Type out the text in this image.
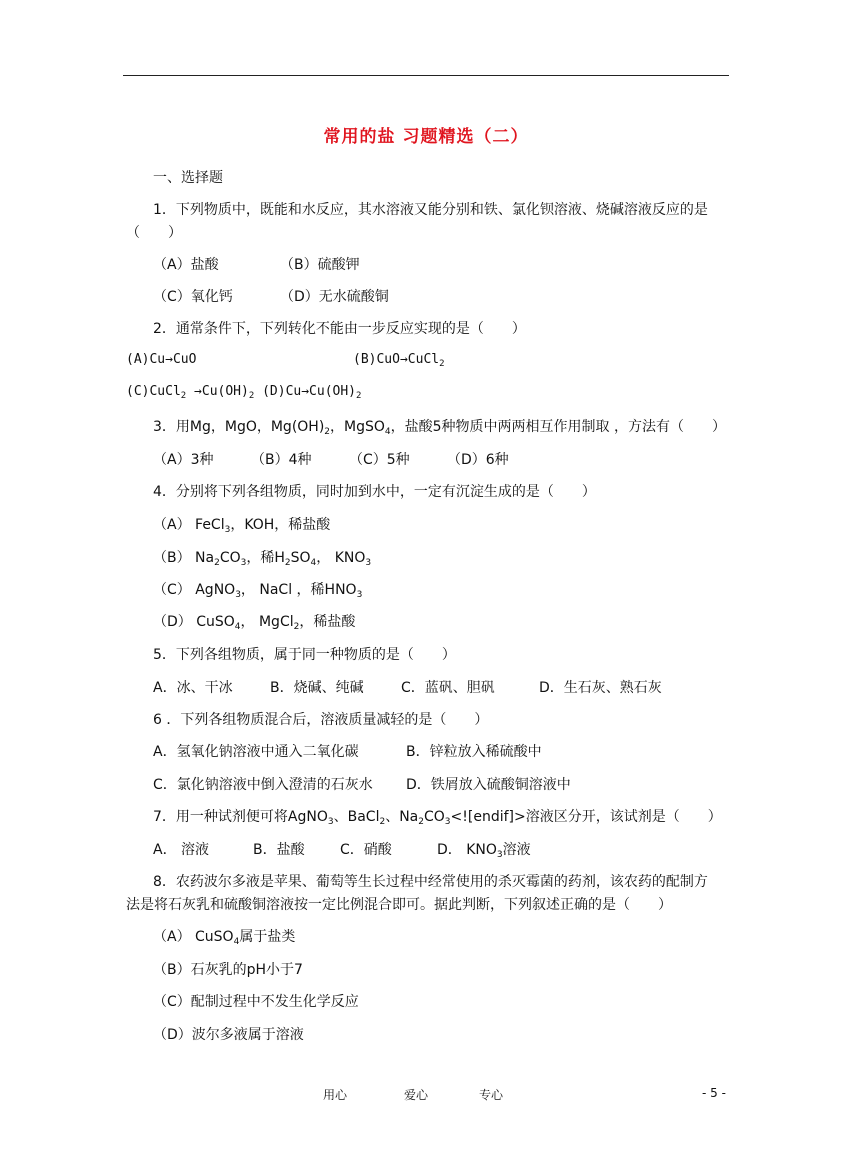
常用的盐 习题精选（二）
一、选择题
1．下列物质中，既能和水反应，其水溶液又能分别和铁、氯化钡溶液、烧碱溶液反应的是
（　　）
（A）盐酸	（B）硫酸钾
（C）氧化钙	（D）无水硫酸铜
2．通常条件下，下列转化不能由一步反应实现的是（　　）
(A)Cu→CuO	(B)CuO→CuCl$_2$
(C)CuCl$_2$ $\to Cu(OH)_2$ $(D)Cu\to Cu(OH)_2$
3．用Mg，MgO，$Mg(OH)_2$，MgSO$_4$，盐酸5种物质中两两相互作用制取 ，方法有（　　）
（A）3种	（B）4种	（C）5种	（D）6种
4．分别将下列各组物质，同时加到水中，一定有沉淀生成的是（　　）
（A） FeCl$_3$，KOH，稀盐酸
（B） $Na_2CO_3$，稀$H_2SO_4$， $KNO_3$
（C） AgNO$_3$， NaCl ，稀$HNO_3$
（D） CuSO$_4$， MgCl$_2$，稀盐酸
5．下列各组物质，属于同一种物质的是（　　）
A．冰、干冰	B．烧碱、纯碱	C．蓝矾、胆矾	D．生石灰、熟石灰
6 ．下列各组物质混合后，溶液质量减轻的是（　　）
A．氢氧化钠溶液中通入二氧化碳	B．锌粒放入稀硫酸中
C．氯化钠溶液中倒入澄清的石灰水 D．铁屑放入硫酸铜溶液中
7．用一种试剂便可将AgNO$_3$、BaCl$_2$、$Na_2CO_3<![endif]>$溶液区分开，该试剂是（　　）
A． 溶液	B．盐酸	C．硝酸	D． $KNO_3$溶液
8．农药波尔多液是苹果、葡萄等生长过程中经常使用的杀灭霉菌的药剂，该农药的配制方
法是将石灰乳和硫酸铜溶液按一定比例混合即可。据此判断，下列叙述正确的是（　　）
（A） CuSO$_4$属于盐类
（B）石灰乳的pH小于7
（C）配制过程中不发生化学反应
（D）波尔多液属于溶液
用心	爱心	专心	- 5 -
